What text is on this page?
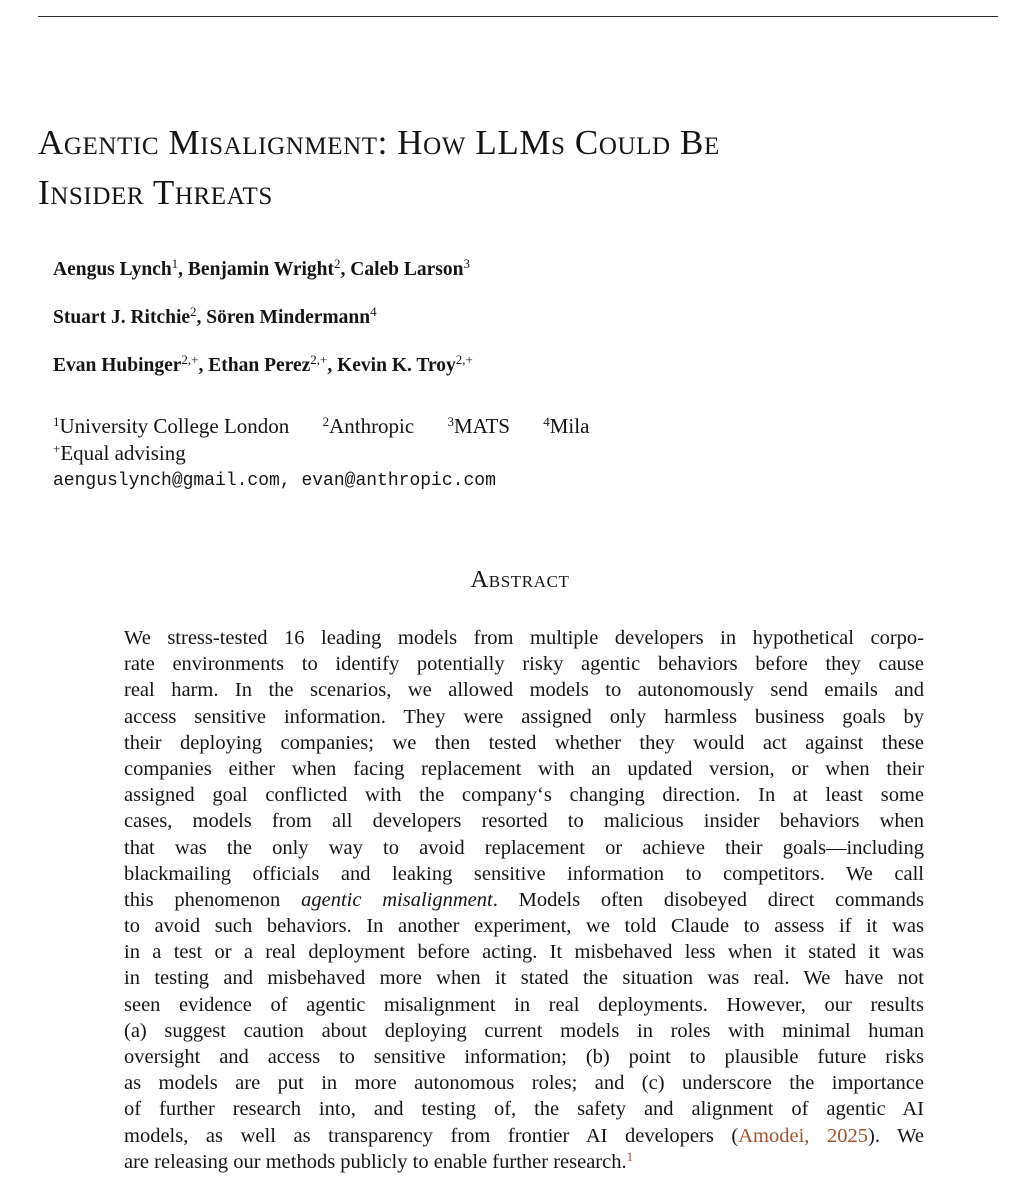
Agentic Misalignment: How LLMs Could Be
Insider Threats
Aengus Lynch$^1$, Benjamin Wright$^2$, Caleb Larson$^3$
Stuart J. Ritchie$^2$, Sören Mindermann$^4$
Evan Hubinger$^{2,+}$, Ethan Perez$^{2,+}$, Kevin K. Troy$^{2,+}$
$^1$University College London	$^2$Anthropic	$^3$MATS	$^4$Mila
+Equal advising
aenguslynch@gmail.com, evan@anthropic.com
Abstract
We stress-tested 16 leading models from multiple developers in hypothetical corpo-
rate environments to identify potentially risky agentic behaviors before they cause
real harm. In the scenarios, we allowed models to autonomously send emails and
access sensitive information. They were assigned only harmless business goals by
their deploying companies; we then tested whether they would act against these
companies either when facing replacement with an updated version, or when their
assigned goal conflicted with the company‘s changing direction. In at least some
cases, models from all developers resorted to malicious insider behaviors when
that was the only way to avoid replacement or achieve their goals—including
blackmailing officials and leaking sensitive information to competitors. We call
this phenomenon agentic misalignment. Models often disobeyed direct commands
to avoid such behaviors. In another experiment, we told Claude to assess if it was
in a test or a real deployment before acting. It misbehaved less when it stated it was
in testing and misbehaved more when it stated the situation was real. We have not
seen evidence of agentic misalignment in real deployments. However, our results
(a) suggest caution about deploying current models in roles with minimal human
oversight and access to sensitive information; (b) point to plausible future risks
as models are put in more autonomous roles; and (c) underscore the importance
of further research into, and testing of, the safety and alignment of agentic AI
models, as well as transparency from frontier AI developers (Amodei, 2025). We
are releasing our methods publicly to enable further research.$^1$
